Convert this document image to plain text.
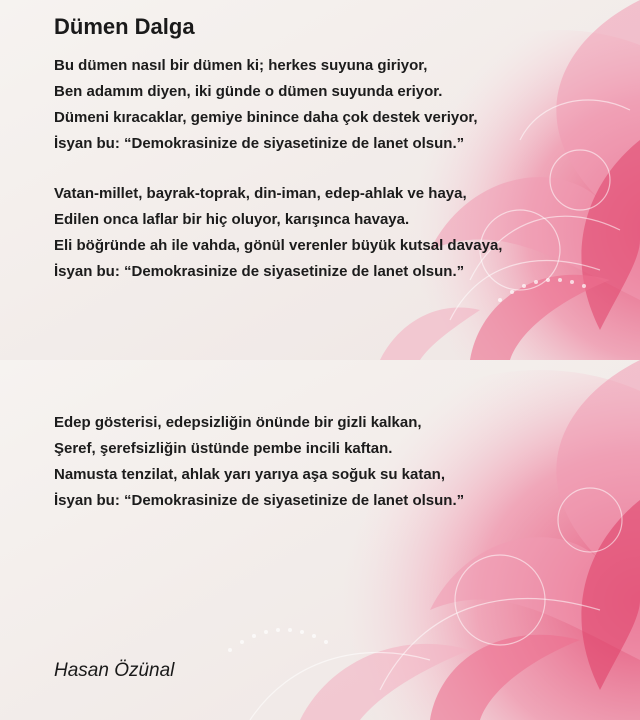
Dümen Dalga
Bu dümen nasıl bir dümen ki; herkes suyuna giriyor,
Ben adamım diyen, iki günde o dümen suyunda eriyor.
Dümeni kıracaklar, gemiye binince daha çok destek veriyor,
İsyan bu: “Demokrasinize de siyasetinize de lanet olsun.”
Vatan-millet, bayrak-toprak, din-iman, edep-ahlak ve haya,
Edilen onca laflar bir hiç oluyor, karışınca havaya.
Eli böğründe ah ile vahda, gönül verenler büyük kutsal davaya,
İsyan bu: “Demokrasinize de siyasetinize de lanet olsun.”
Edep gösterisi, edepsizliğin önünde bir gizli kalkan,
Şeref, şerefsizliğin üstünde pembe incili kaftan.
Namusta tenzilat, ahlak yarı yarıya aşa soğuk su katan,
İsyan bu: “Demokrasinize de siyasetinize de lanet olsun.”
Hasan Özünal
